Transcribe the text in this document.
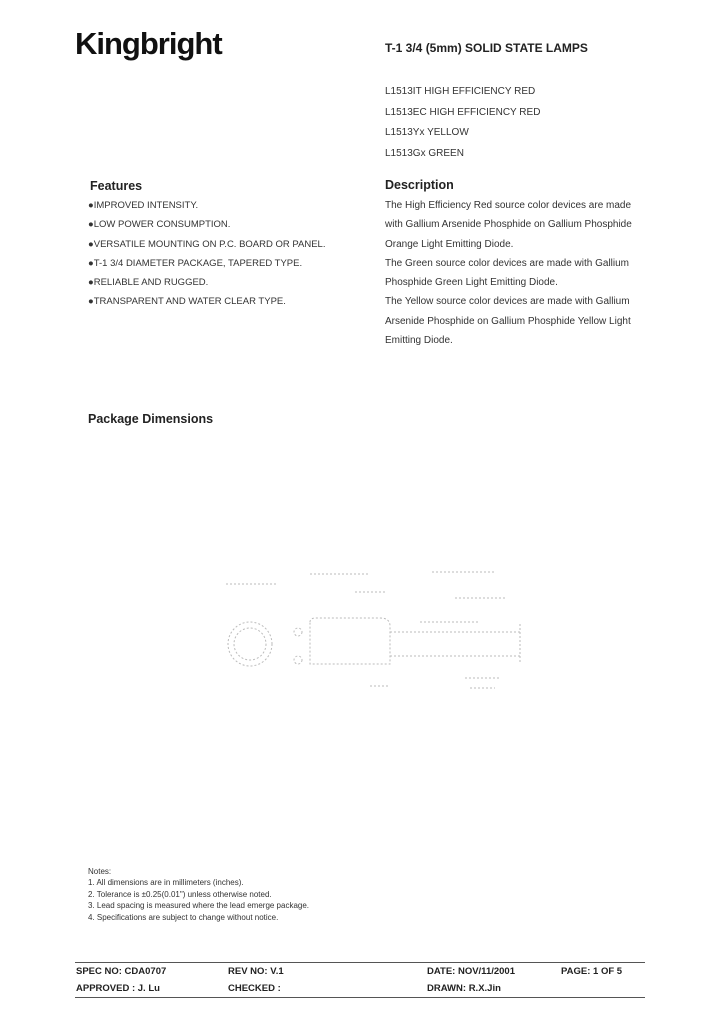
Kingbright	T-1 3/4 (5mm) SOLID STATE LAMPS
L1513IT HIGH EFFICIENCY RED
L1513EC HIGH EFFICIENCY RED
L1513Yx YELLOW
L1513Gx GREEN
Features
●IMPROVED INTENSITY.
●LOW POWER CONSUMPTION.
●VERSATILE MOUNTING ON P.C. BOARD OR PANEL.
●T-1 3/4 DIAMETER PACKAGE, TAPERED TYPE.
●RELIABLE AND RUGGED.
●TRANSPARENT AND WATER CLEAR TYPE.
Description
The High Efficiency Red source color devices are made
with Gallium Arsenide Phosphide on Gallium Phosphide
Orange Light Emitting Diode.
The Green source color devices are made with Gallium
Phosphide Green Light Emitting Diode.
The Yellow source color devices are made with Gallium
Arsenide Phosphide on Gallium Phosphide Yellow Light
Emitting Diode.
Package Dimensions
Notes:
1. All dimensions are in millimeters (inches).
2. Tolerance is ±0.25(0.01") unless otherwise noted.
3. Lead spacing is measured where the lead emerge package.
4. Specifications are subject to change without notice.
SPEC NO: CDA0707	REV NO: V.1	DATE: NOV/11/2001	PAGE: 1 OF 5
APPROVED : J. Lu	CHECKED :	DRAWN: R.X.Jin
